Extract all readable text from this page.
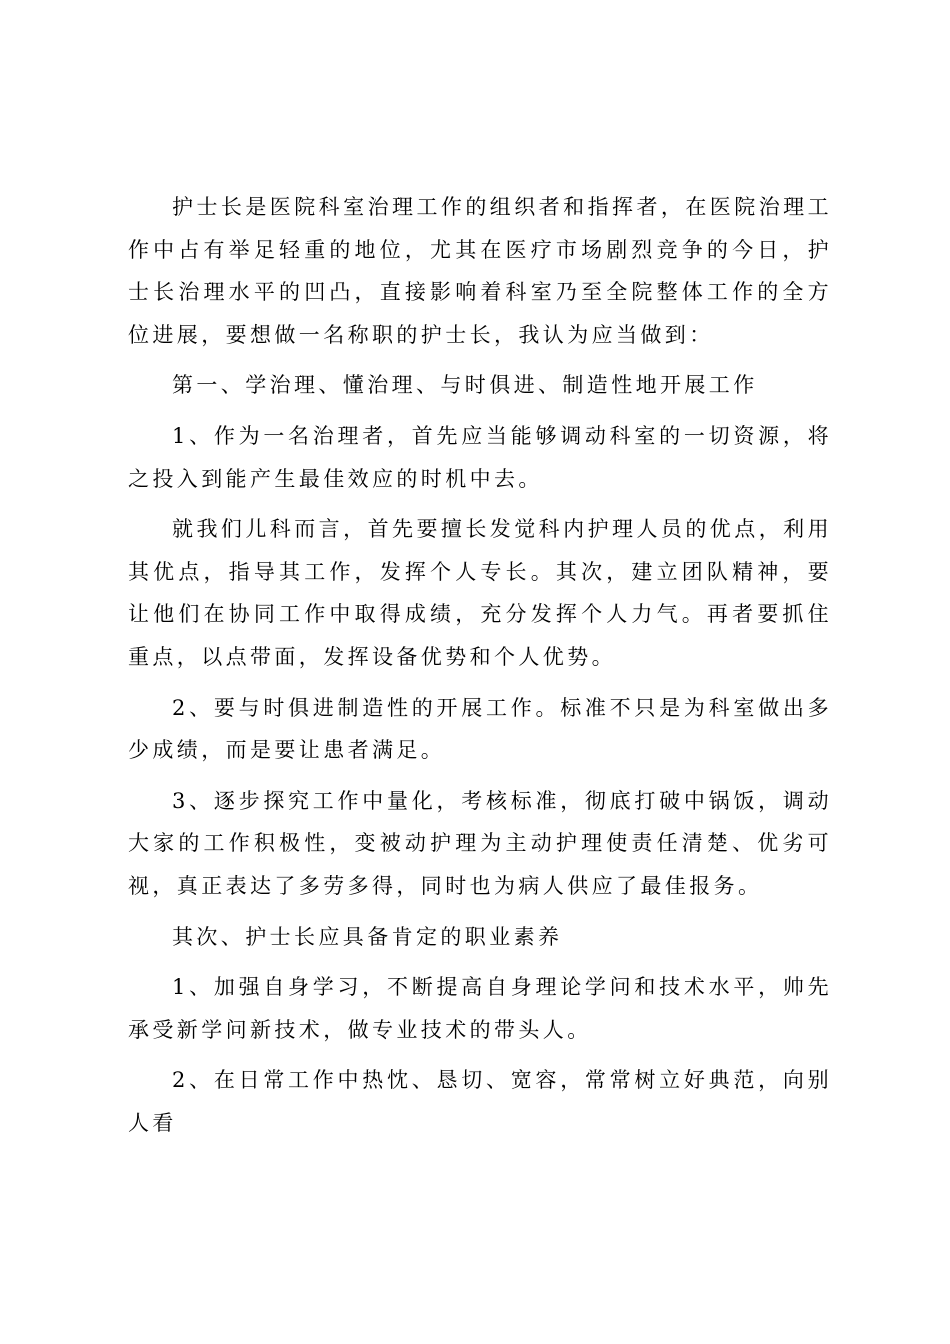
护士长是医院科室治理工作的组织者和指挥者，在医院治理工作中占有举足轻重的地位，尤其在医疗市场剧烈竞争的今日，护士长治理水平的凹凸，直接影响着科室乃至全院整体工作的全方位进展，要想做一名称职的护士长，我认为应当做到：

第一、学治理、懂治理、与时俱进、制造性地开展工作

1、作为一名治理者，首先应当能够调动科室的一切资源，将之投入到能产生最佳效应的时机中去。

就我们儿科而言，首先要擅长发觉科内护理人员的优点，利用其优点，指导其工作，发挥个人专长。其次，建立团队精神，要让他们在协同工作中取得成绩，充分发挥个人力气。再者要抓住重点，以点带面，发挥设备优势和个人优势。

2、要与时俱进制造性的开展工作。标准不只是为科室做出多少成绩，而是要让患者满足。

3、逐步探究工作中量化，考核标准，彻底打破中锅饭，调动大家的工作积极性，变被动护理为主动护理使责任清楚、优劣可视，真正表达了多劳多得，同时也为病人供应了最佳报务。

其次、护士长应具备肯定的职业素养

1、加强自身学习，不断提高自身理论学问和技术水平，帅先承受新学问新技术，做专业技术的带头人。

2、在日常工作中热忱、恳切、宽容，常常树立好典范，向别人看
